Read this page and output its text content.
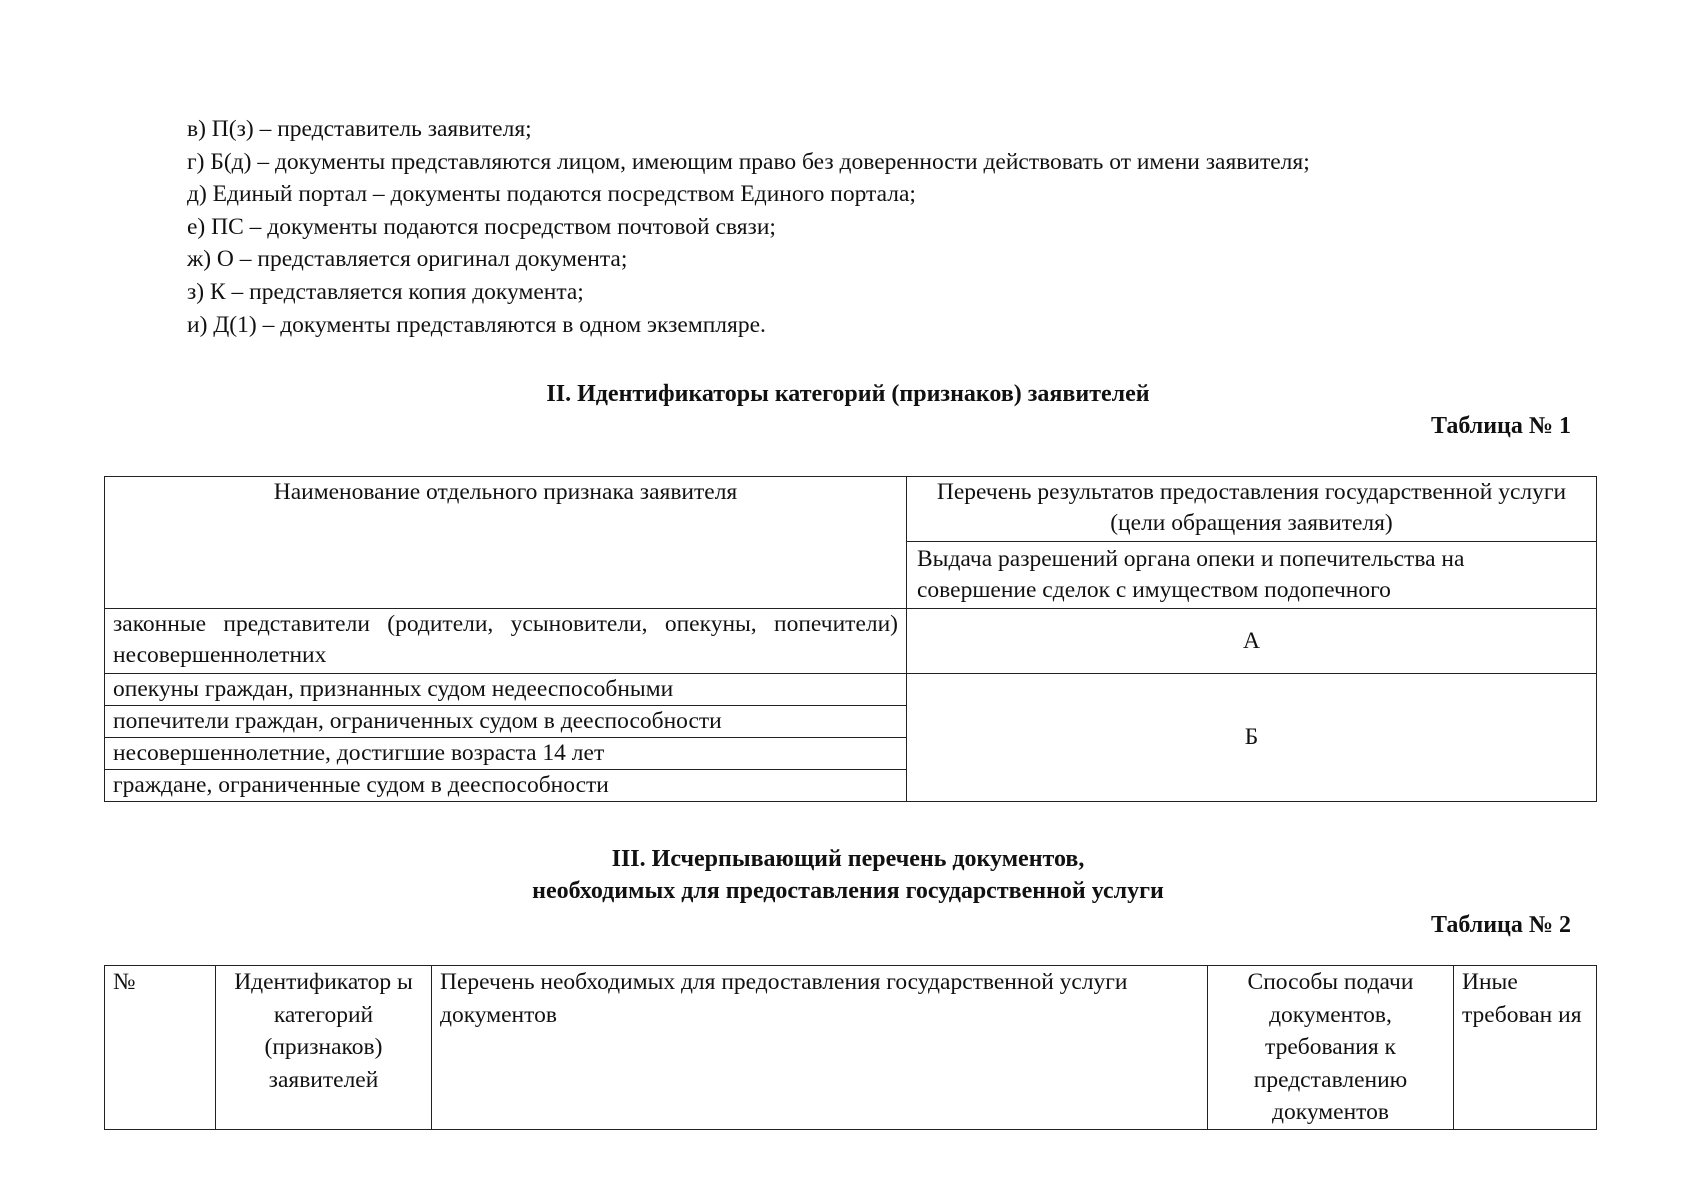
в) П(з) – представитель заявителя;
г) Б(д) – документы представляются лицом, имеющим право без доверенности действовать от имени заявителя;
д) Единый портал – документы подаются посредством Единого портала;
е) ПС – документы подаются посредством почтовой связи;
ж) О – представляется оригинал документа;
з) К – представляется копия документа;
и) Д(1) – документы представляются в одном экземпляре.
II. Идентификаторы категорий (признаков) заявителей
Таблица № 1
Наименование отдельного признака заявителя	Перечень результатов предоставления государственной услуги (цели обращения заявителя)
	Выдача разрешений органа опеки и попечительства на совершение сделок с имуществом подопечного
законные представители (родители, усыновители, опекуны, попечители) несовершеннолетних	А
опекуны граждан, признанных судом недееспособными	Б
попечители граждан, ограниченных судом в дееспособности	
несовершеннолетние, достигшие возраста 14 лет	
граждане, ограниченные судом в дееспособности	
III. Исчерпывающий перечень документов,
необходимых для предоставления государственной услуги
Таблица № 2
№	Идентификатор ы категорий (признаков) заявителей	Перечень необходимых для предоставления государственной услуги документов	Способы подачи документов, требования к представлению документов	Иные требован ия
